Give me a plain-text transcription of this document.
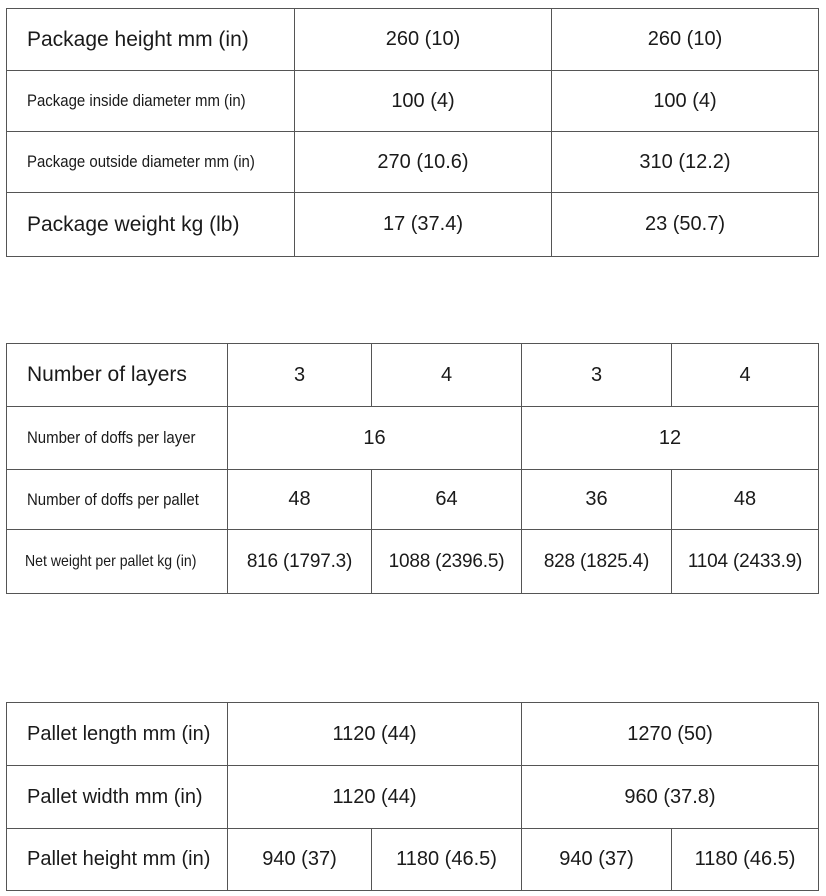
Package height mm (in)	260 (10)	260 (10)
Package inside diameter mm (in)	100 (4)	100 (4)
Package outside diameter mm (in)	270 (10.6)	310 (12.2)
Package weight kg (lb)	17 (37.4)	23 (50.7)
Number of layers	3	4	3	4
Number of doffs per layer	16		12	
Number of doffs per pallet	48	64	36	48
Net weight per pallet kg (in)	816 (1797.3)	1088 (2396.5)	828 (1825.4)	1104 (2433.9)
Pallet length mm (in)	1120 (44)		1270 (50)	
Pallet width mm (in)	1120 (44)		960 (37.8)	
Pallet height mm (in)	940 (37)	1180 (46.5)	940 (37)	1180 (46.5)
